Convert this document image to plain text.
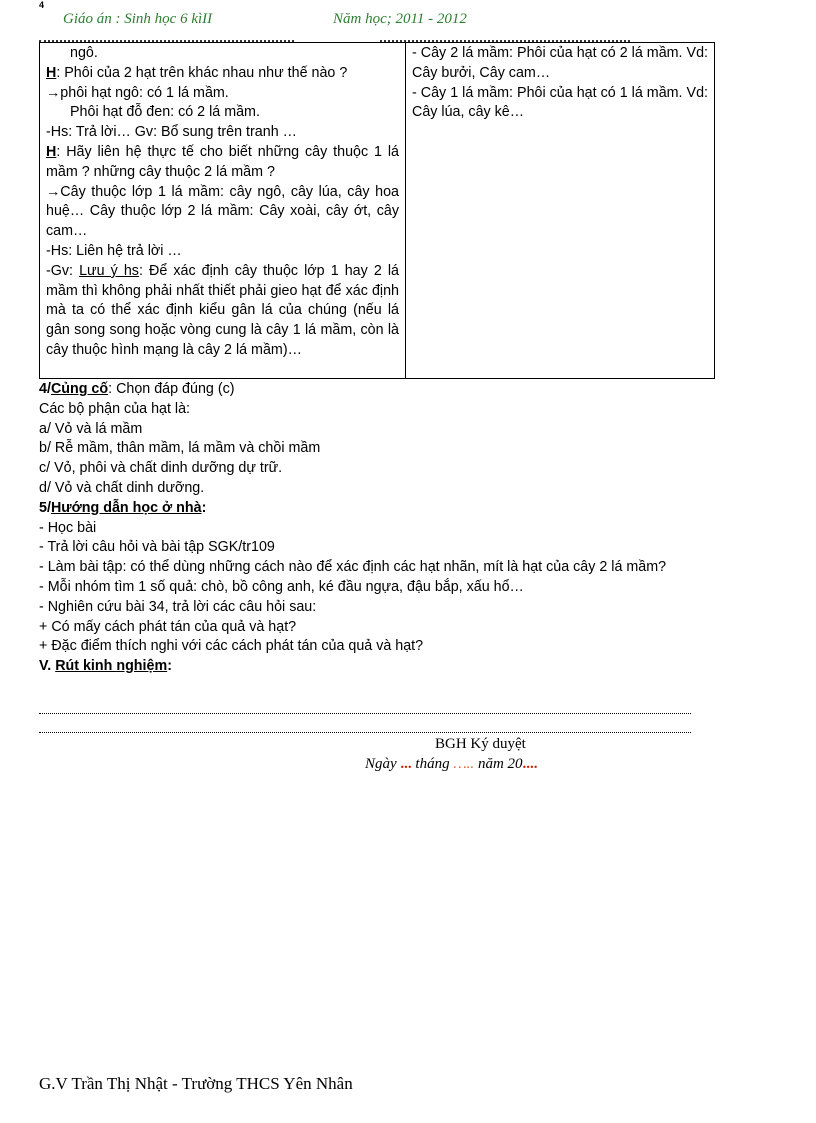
4
Giáo án : Sinh học 6 kìII	Năm học; 2011 - 2012
ngô.
H: Phôi của 2 hạt trên khác nhau như thế nào ?
→phôi hạt ngô: có 1 lá mầm.
Phôi hạt đỗ đen: có 2 lá mầm.
-Hs: Trả lời… Gv: Bổ sung trên tranh …
H: Hãy liên hệ thực tế cho biết những cây thuộc 1 lá mầm ? những cây thuộc 2 lá mầm ?
→Cây thuộc lớp 1 lá mầm: cây ngô, cây lúa, cây hoa huệ… Cây thuộc lớp 2 lá mầm: Cây xoài, cây ớt, cây cam…
-Hs: Liên hệ trả lời …
-Gv: Lưu ý hs: Để xác định cây thuộc lớp 1 hay 2 lá mầm thì không phải nhất thiết phải gieo hạt để xác định mà ta có thể xác định kiểu gân lá của chúng (nếu lá gân song song hoặc vòng cung là cây 1 lá mầm, còn là cây thuộc hình mạng là cây 2 lá mầm)…

- Cây 2 lá mầm: Phôi của hạt có 2 lá mầm. Vd: Cây bưởi, Cây cam…
- Cây 1 lá mầm: Phôi của hạt có 1 lá mầm. Vd: Cây lúa, cây kê…
4/Củng cố: Chọn đáp đúng (c)
Các bộ phận của hạt là:
a/ Vỏ và lá mầm
b/ Rễ mầm, thân mầm, lá mầm và chồi mầm
c/ Vỏ, phôi và chất dinh dưỡng dự trữ.
d/ Vỏ và chất dinh dưỡng.
5/Hướng dẫn học ở nhà:
- Học bài
- Trả lời câu hỏi và bài tập SGK/tr109
- Làm bài tập: có thể dùng những cách nào để xác định các hạt nhãn, mít là hạt của cây 2 lá mầm?
- Mỗi nhóm tìm 1 số quả: chò, bồ công anh, ké đầu ngựa, đậu bắp, xấu hổ…
- Nghiên cứu bài 34, trả lời các câu hỏi sau:
+ Có mấy cách phát tán của quả và hạt?
+ Đặc điểm thích nghi với các cách phát tán của quả và hạt?
V. Rút kinh nghiệm:
BGH Ký duyệt
Ngày ... tháng ….. năm 20....
G.V Trần Thị Nhật - Trường THCS Yên Nhân
